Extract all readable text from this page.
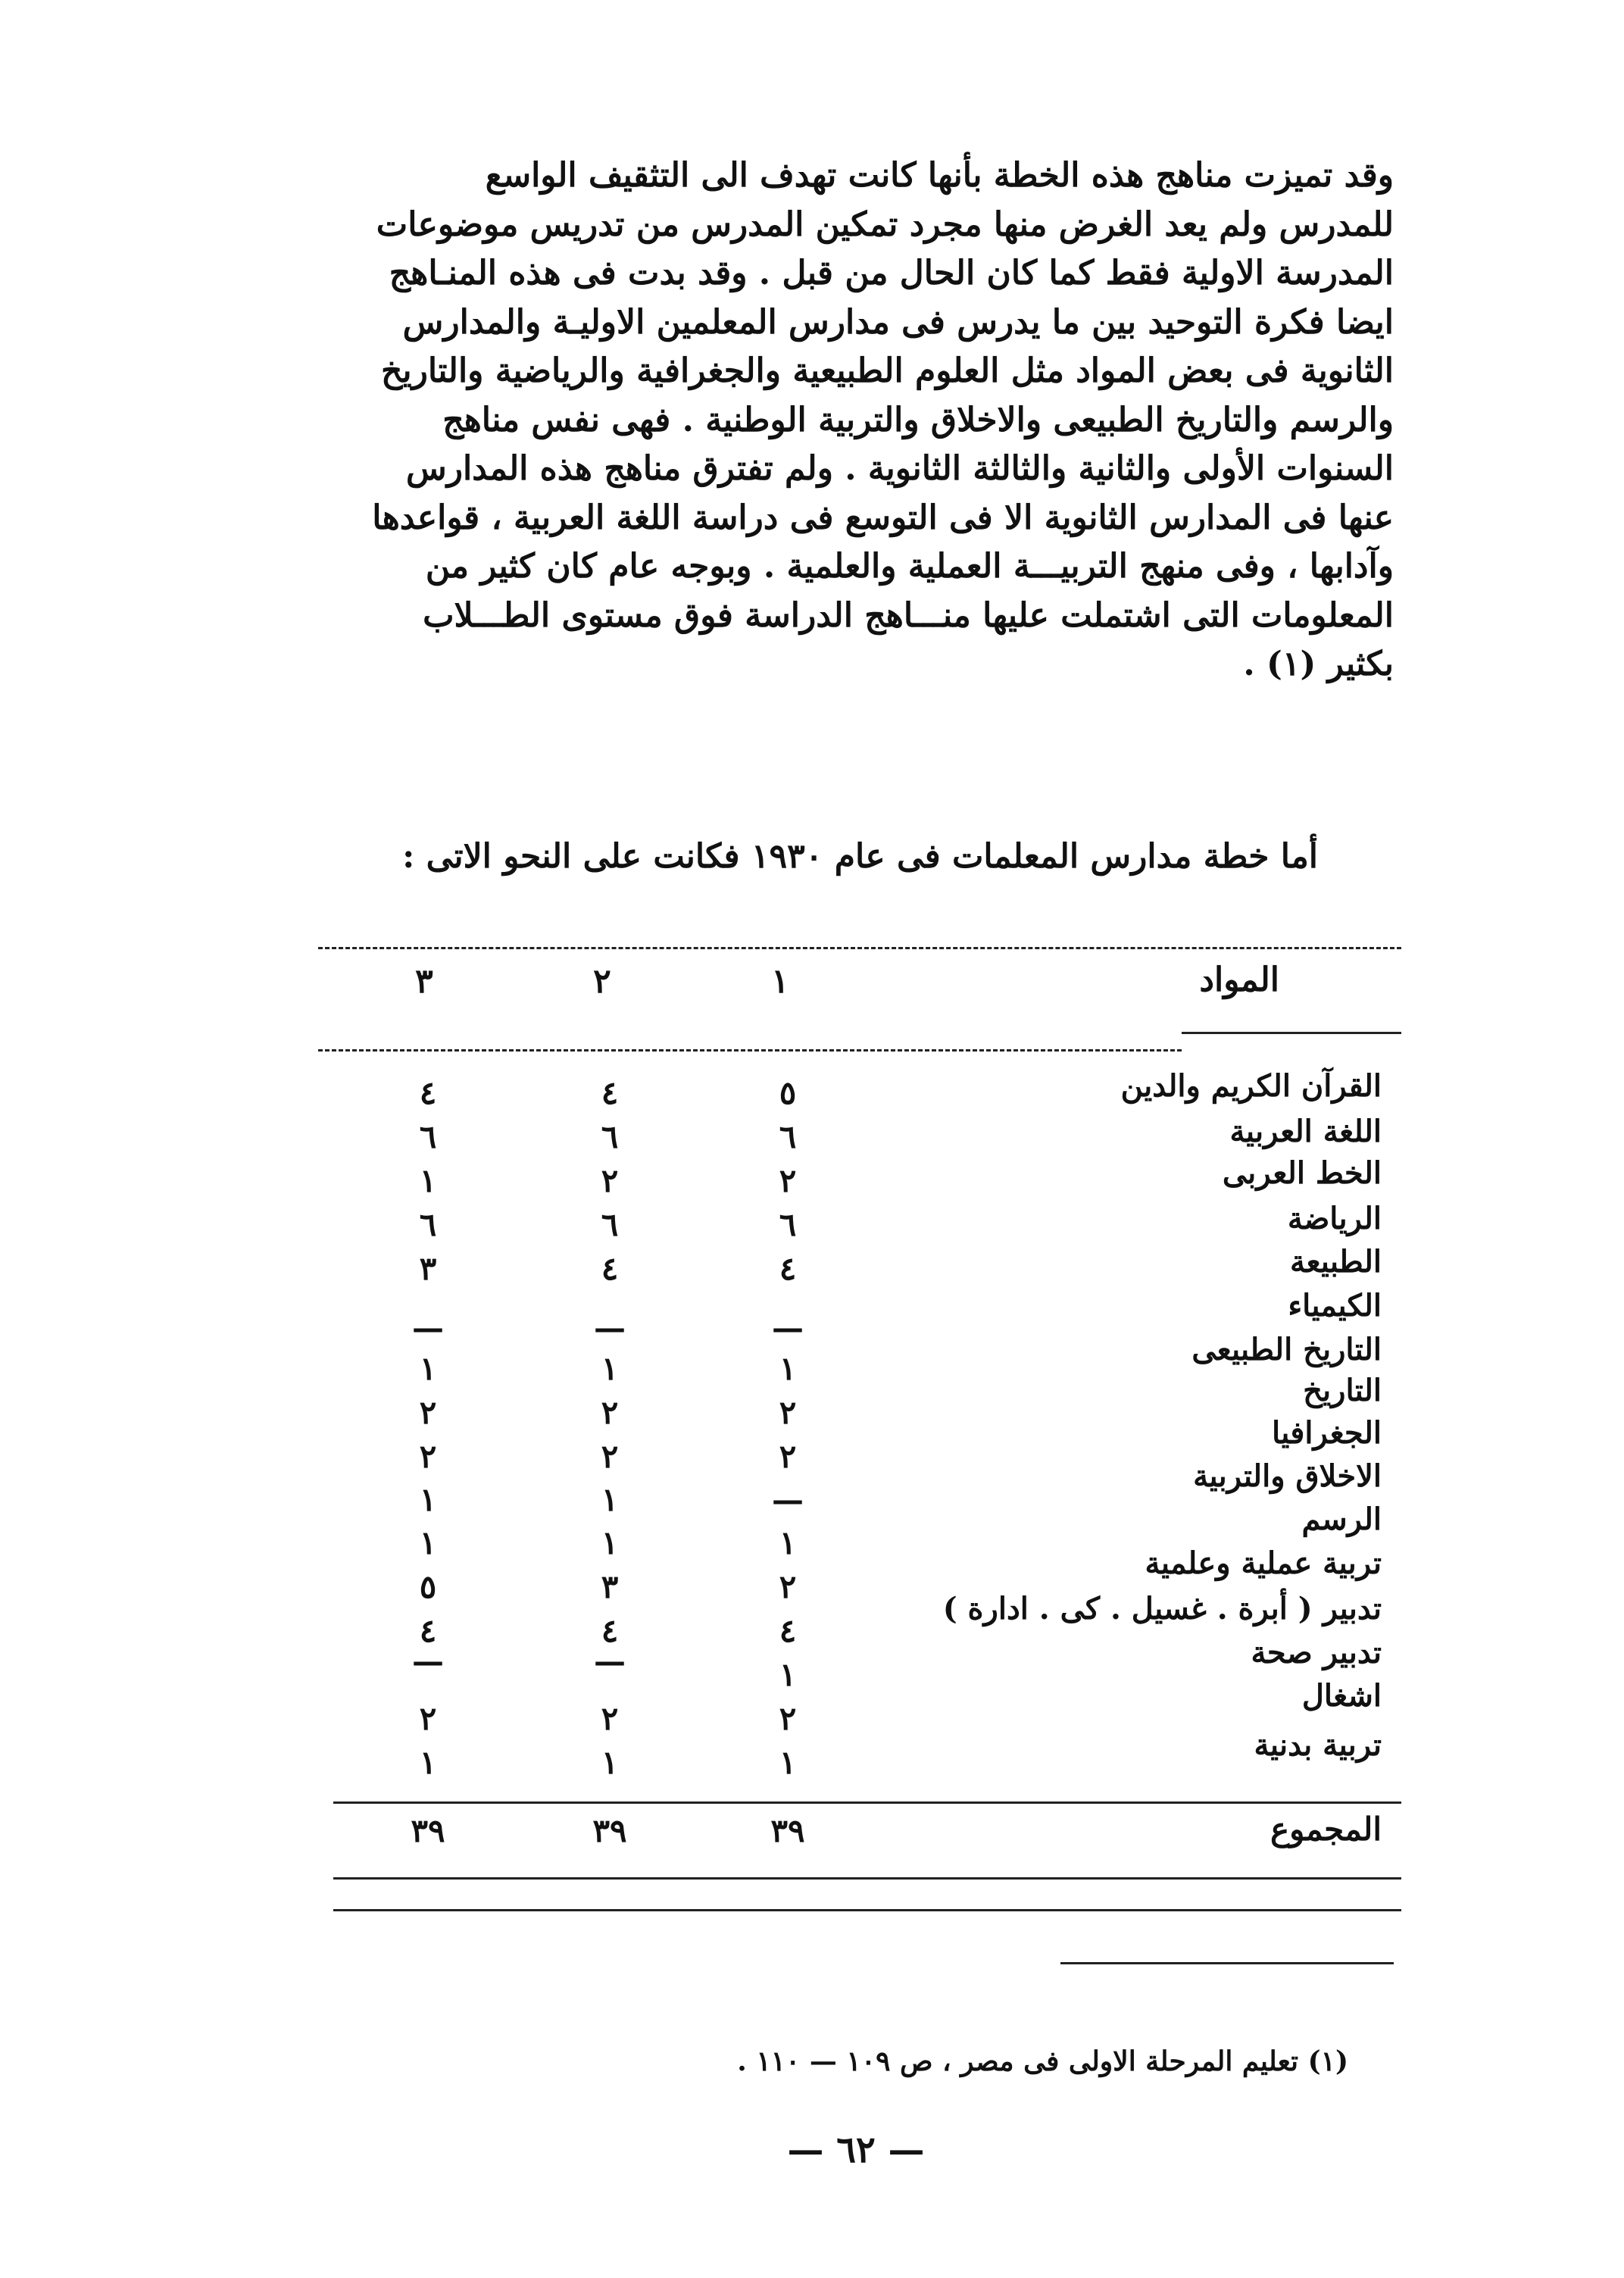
وقد تميزت مناهج هذه الخطة بأنها كانت تهدف الى التثقيف الواسع

للمدرس ولم يعد الغرض منها مجرد تمكين المدرس من تدريس موضوعات

المدرسة الاولية فقط كما كان الحال من قبل . وقد بدت فى هذه المنـاهج

ايضا فكرة التوحيد بين ما يدرس فى مدارس المعلمين الاوليـة والمدارس

الثانوية فى بعض المواد مثل العلوم الطبيعية والجغرافية والرياضية والتاريخ

والرسم والتاريخ الطبيعى والاخلاق والتربية الوطنية . فهى نفس مناهج

السنوات الأولى والثانية والثالثة الثانوية . ولم تفترق مناهج هذه المدارس

عنها فى المدارس الثانوية الا فى التوسع فى دراسة اللغة العربية ، قواعدها

وآدابها ، وفى منهج التربيـــة العملية والعلمية . وبوجه عام كان كثير من

المعلومات التى اشتملت عليها منـــاهج الدراسة فوق مستوى الطـــلاب

بكثير (١) .

أما خطة مدارس المعلمات فى عام ١٩٣٠ فكانت على النحو الاتى :
المواد
١
٢
٣
القرآن الكريم والدين
٥
٤
٤
اللغة العربية
٦
٦
٦
الخط العربى
٢
٢
١
الرياضة
٦
٦
٦
الطبيعة
٤
٤
٣
الكيمياء
—
—
—
التاريخ الطبيعى
١
١
١
التاريخ
٢
٢
٢
الجغرافيا
٢
٢
٢
الاخلاق والتربية
—
١
١
الرسم
١
١
١
تربية عملية وعلمية
٢
٣
٥
تدبير ( أبرة . غسيل . كى . ادارة )
٤
٤
٤
تدبير صحة
١
—
—
اشغال
٢
٢
٢
تربية بدنية
١
١
١
المجموع
٣٩
٣٩
٣٩
(١) تعليم المرحلة الاولى فى مصر ، ص ١٠٩ — ١١٠ .
— ٦٢ —
